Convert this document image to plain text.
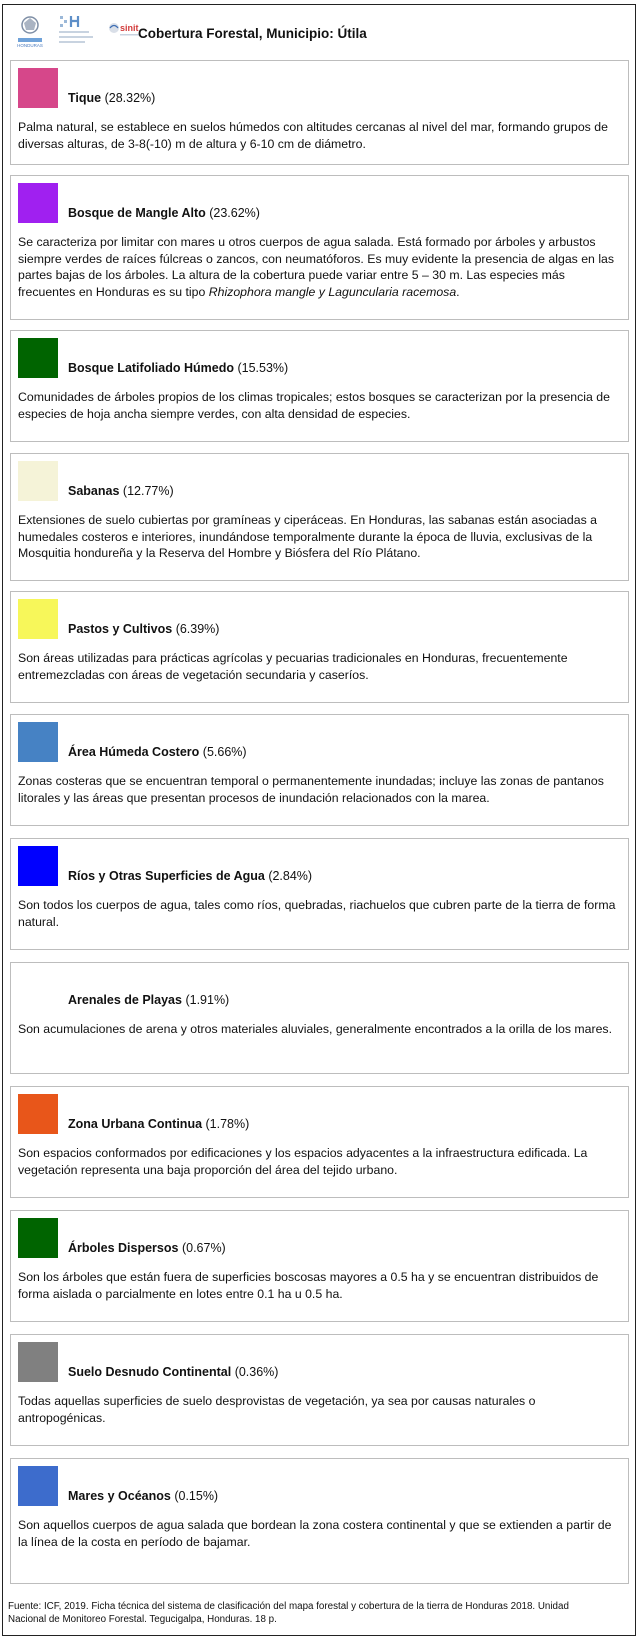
HONDURAS
sinit Cobertura Forestal, Municipio: Útila
Tique (28.32%)

Palma natural, se establece en suelos húmedos con altitudes cercanas al nivel del mar, formando grupos de diversas alturas, de 3-8(-10) m de altura y 6-10 cm de diámetro.

Bosque de Mangle Alto (23.62%)

Se caracteriza por limitar con mares u otros cuerpos de agua salada. Está formado por árboles y arbustos siempre verdes de raíces fúlcreas o zancos, con neumatóforos. Es muy evidente la presencia de algas en las partes bajas de los árboles. La altura de la cobertura puede variar entre 5 – 30 m. Las especies más frecuentes en Honduras es su tipo Rhizophora mangle y Laguncularia racemosa.

Bosque Latifoliado Húmedo (15.53%)

Comunidades de árboles propios de los climas tropicales; estos bosques se caracterizan por la presencia de especies de hoja ancha siempre verdes, con alta densidad de especies.

Sabanas (12.77%)

Extensiones de suelo cubiertas por gramíneas y ciperáceas. En Honduras, las sabanas están asociadas a humedales costeros e interiores, inundándose temporalmente durante la época de lluvia, exclusivas de la Mosquitia hondureña y la Reserva del Hombre y Biósfera del Río Plátano.

Pastos y Cultivos (6.39%)

Son áreas utilizadas para prácticas agrícolas y pecuarias tradicionales en Honduras, frecuentemente entremezcladas con áreas de vegetación secundaria y caseríos.

Área Húmeda Costero (5.66%)

Zonas costeras que se encuentran temporal o permanentemente inundadas; incluye las zonas de pantanos litorales y las áreas que presentan procesos de inundación relacionados con la marea.

Ríos y Otras Superficies de Agua (2.84%)

Son todos los cuerpos de agua, tales como ríos, quebradas, riachuelos que cubren parte de la tierra de forma natural.

Arenales de Playas (1.91%)

Son acumulaciones de arena y otros materiales aluviales, generalmente encontrados a la orilla de los mares.

Zona Urbana Continua (1.78%)

Son espacios conformados por edificaciones y los espacios adyacentes a la infraestructura edificada. La vegetación representa una baja proporción del área del tejido urbano.

Árboles Dispersos (0.67%)

Son los árboles que están fuera de superficies boscosas mayores a 0.5 ha y se encuentran distribuidos de forma aislada o parcialmente en lotes entre 0.1 ha u 0.5 ha.

Suelo Desnudo Continental (0.36%)

Todas aquellas superficies de suelo desprovistas de vegetación, ya sea por causas naturales o antropogénicas.

Mares y Océanos (0.15%)

Son aquellos cuerpos de agua salada que bordean la zona costera continental y que se extienden a partir de la línea de la costa en período de bajamar.

Fuente: ICF, 2019. Ficha técnica del sistema de clasificación del mapa forestal y cobertura de la tierra de Honduras 2018. Unidad Nacional de Monitoreo Forestal. Tegucigalpa, Honduras. 18 p.
